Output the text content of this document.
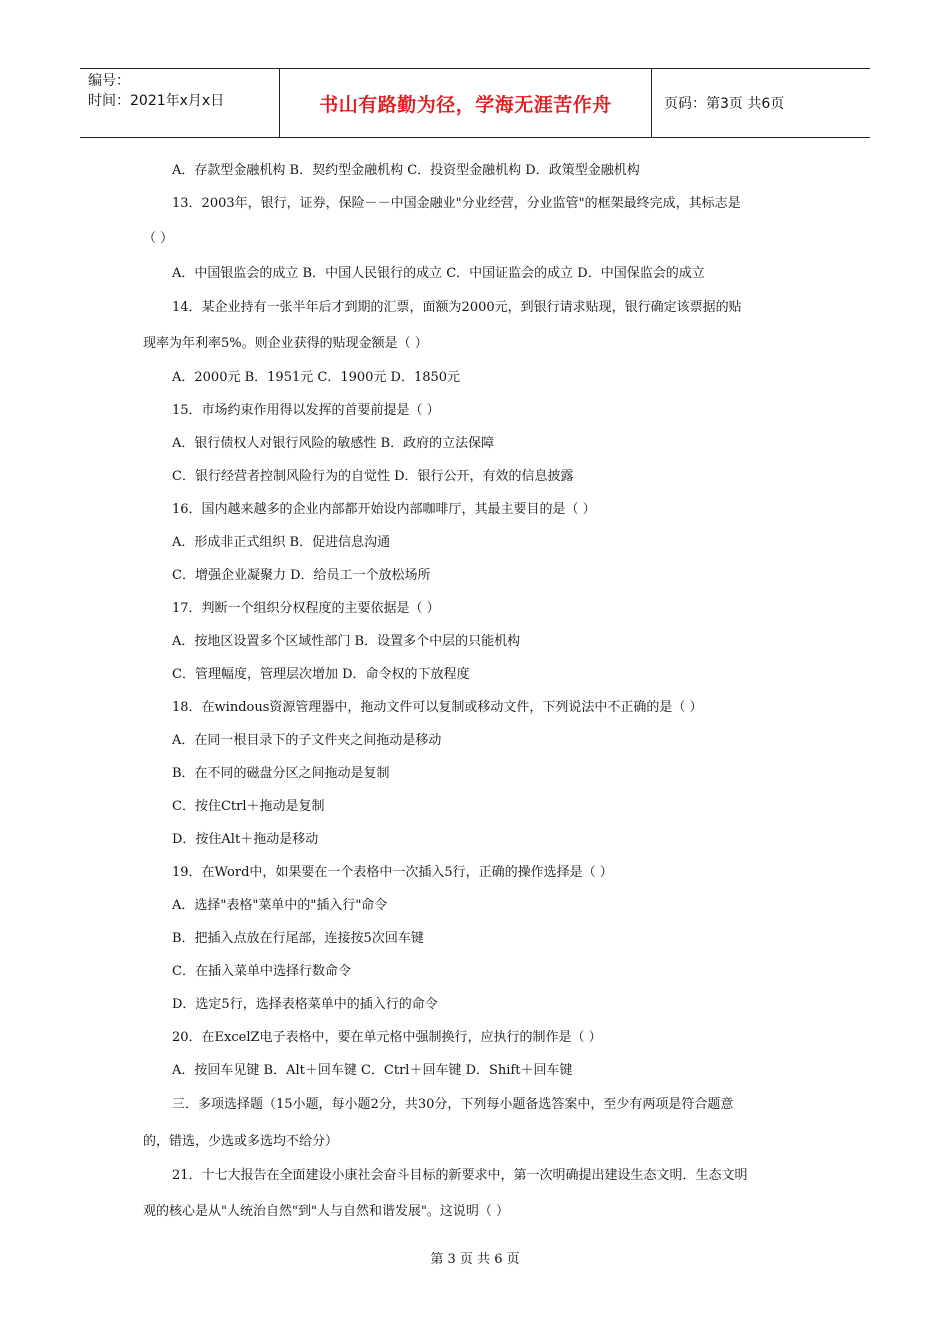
编号：
时间：2021年x月x日	书山有路勤为径，学海无涯苦作舟	页码：第3页 共6页
A．存款型金融机构 B．契约型金融机构 C．投资型金融机构 D．政策型金融机构
13．2003年，银行，证券，保险－－中国金融业"分业经营，分业监管"的框架最终完成，其标志是
（ ）
A．中国银监会的成立 B．中国人民银行的成立 C．中国证监会的成立 D．中国保监会的成立
14．某企业持有一张半年后才到期的汇票，面额为2000元，到银行请求贴现，银行确定该票据的贴
现率为年利率5%。则企业获得的贴现金额是（ ）
A．2000元 B．1951元 C．1900元 D．1850元
15．市场约束作用得以发挥的首要前提是（ ）
A．银行债权人对银行风险的敏感性 B．政府的立法保障
C．银行经营者控制风险行为的自觉性 D．银行公开，有效的信息披露
16．国内越来越多的企业内部都开始设内部咖啡厅，其最主要目的是（ ）
A．形成非正式组织 B．促进信息沟通
C．增强企业凝聚力 D．给员工一个放松场所
17．判断一个组织分权程度的主要依据是（ ）
A．按地区设置多个区域性部门 B．设置多个中层的只能机构
C．管理幅度，管理层次增加 D．命令权的下放程度
18．在windous资源管理器中，拖动文件可以复制或移动文件，下列说法中不正确的是（ ）
A．在同一根目录下的子文件夹之间拖动是移动
B．在不同的磁盘分区之间拖动是复制
C．按住Ctrl＋拖动是复制
D．按住Alt＋拖动是移动
19．在Word中，如果要在一个表格中一次插入5行，正确的操作选择是（ ）
A．选择"表格"菜单中的"插入行"命令
B．把插入点放在行尾部，连接按5次回车键
C．在插入菜单中选择行数命令
D．选定5行，选择表格菜单中的插入行的命令
20．在ExcelZ电子表格中，要在单元格中强制换行，应执行的制作是（ ）
A．按回车见键 B．Alt＋回车键 C．Ctrl＋回车键 D．Shift＋回车键
三．多项选择题（15小题，每小题2分，共30分，下列每小题备选答案中，至少有两项是符合题意
的，错选，少选或多选均不给分）
21．十七大报告在全面建设小康社会奋斗目标的新要求中，第一次明确提出建设生态文明．生态文明
观的核心是从"人统治自然"到"人与自然和谐发展"。这说明（ ）
第 3 页 共 6 页
